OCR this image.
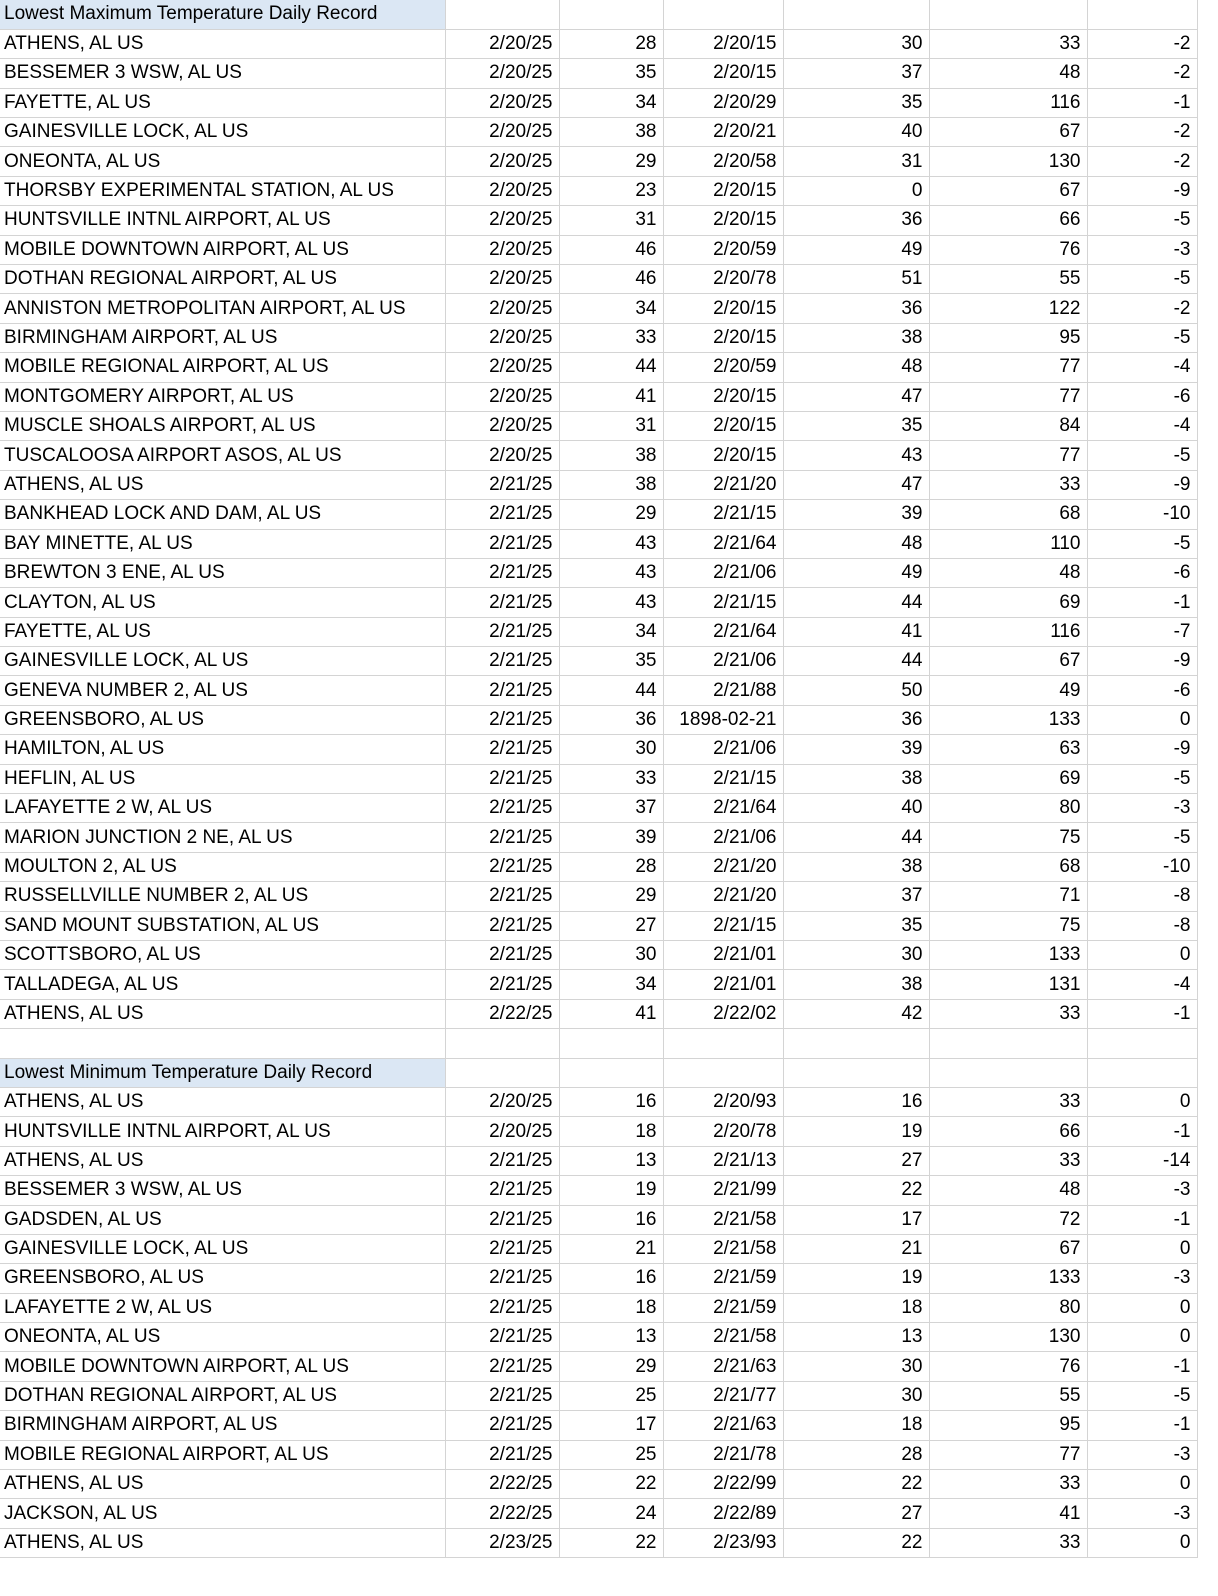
Lowest Maximum Temperature Daily Record						
ATHENS, AL US	2/20/25	28	2/20/15	30	33	-2
BESSEMER 3 WSW, AL US	2/20/25	35	2/20/15	37	48	-2
FAYETTE, AL US	2/20/25	34	2/20/29	35	116	-1
GAINESVILLE LOCK, AL US	2/20/25	38	2/20/21	40	67	-2
ONEONTA, AL US	2/20/25	29	2/20/58	31	130	-2
THORSBY EXPERIMENTAL STATION, AL US	2/20/25	23	2/20/15	0	67	-9
HUNTSVILLE INTNL AIRPORT, AL US	2/20/25	31	2/20/15	36	66	-5
MOBILE DOWNTOWN AIRPORT, AL US	2/20/25	46	2/20/59	49	76	-3
DOTHAN REGIONAL AIRPORT, AL US	2/20/25	46	2/20/78	51	55	-5
ANNISTON METROPOLITAN AIRPORT, AL US	2/20/25	34	2/20/15	36	122	-2
BIRMINGHAM AIRPORT, AL US	2/20/25	33	2/20/15	38	95	-5
MOBILE REGIONAL AIRPORT, AL US	2/20/25	44	2/20/59	48	77	-4
MONTGOMERY AIRPORT, AL US	2/20/25	41	2/20/15	47	77	-6
MUSCLE SHOALS AIRPORT, AL US	2/20/25	31	2/20/15	35	84	-4
TUSCALOOSA AIRPORT ASOS, AL US	2/20/25	38	2/20/15	43	77	-5
ATHENS, AL US	2/21/25	38	2/21/20	47	33	-9
BANKHEAD LOCK AND DAM, AL US	2/21/25	29	2/21/15	39	68	-10
BAY MINETTE, AL US	2/21/25	43	2/21/64	48	110	-5
BREWTON 3 ENE, AL US	2/21/25	43	2/21/06	49	48	-6
CLAYTON, AL US	2/21/25	43	2/21/15	44	69	-1
FAYETTE, AL US	2/21/25	34	2/21/64	41	116	-7
GAINESVILLE LOCK, AL US	2/21/25	35	2/21/06	44	67	-9
GENEVA NUMBER 2, AL US	2/21/25	44	2/21/88	50	49	-6
GREENSBORO, AL US	2/21/25	36	1898-02-21	36	133	0
HAMILTON, AL US	2/21/25	30	2/21/06	39	63	-9
HEFLIN, AL US	2/21/25	33	2/21/15	38	69	-5
LAFAYETTE 2 W, AL US	2/21/25	37	2/21/64	40	80	-3
MARION JUNCTION 2 NE, AL US	2/21/25	39	2/21/06	44	75	-5
MOULTON 2, AL US	2/21/25	28	2/21/20	38	68	-10
RUSSELLVILLE NUMBER 2, AL US	2/21/25	29	2/21/20	37	71	-8
SAND MOUNT SUBSTATION, AL US	2/21/25	27	2/21/15	35	75	-8
SCOTTSBORO, AL US	2/21/25	30	2/21/01	30	133	0
TALLADEGA, AL US	2/21/25	34	2/21/01	38	131	-4
ATHENS, AL US	2/22/25	41	2/22/02	42	33	-1

Lowest Minimum Temperature Daily Record						
ATHENS, AL US	2/20/25	16	2/20/93	16	33	0
HUNTSVILLE INTNL AIRPORT, AL US	2/20/25	18	2/20/78	19	66	-1
ATHENS, AL US	2/21/25	13	2/21/13	27	33	-14
BESSEMER 3 WSW, AL US	2/21/25	19	2/21/99	22	48	-3
GADSDEN, AL US	2/21/25	16	2/21/58	17	72	-1
GAINESVILLE LOCK, AL US	2/21/25	21	2/21/58	21	67	0
GREENSBORO, AL US	2/21/25	16	2/21/59	19	133	-3
LAFAYETTE 2 W, AL US	2/21/25	18	2/21/59	18	80	0
ONEONTA, AL US	2/21/25	13	2/21/58	13	130	0
MOBILE DOWNTOWN AIRPORT, AL US	2/21/25	29	2/21/63	30	76	-1
DOTHAN REGIONAL AIRPORT, AL US	2/21/25	25	2/21/77	30	55	-5
BIRMINGHAM AIRPORT, AL US	2/21/25	17	2/21/63	18	95	-1
MOBILE REGIONAL AIRPORT, AL US	2/21/25	25	2/21/78	28	77	-3
ATHENS, AL US	2/22/25	22	2/22/99	22	33	0
JACKSON, AL US	2/22/25	24	2/22/89	27	41	-3
ATHENS, AL US	2/23/25	22	2/23/93	22	33	0
